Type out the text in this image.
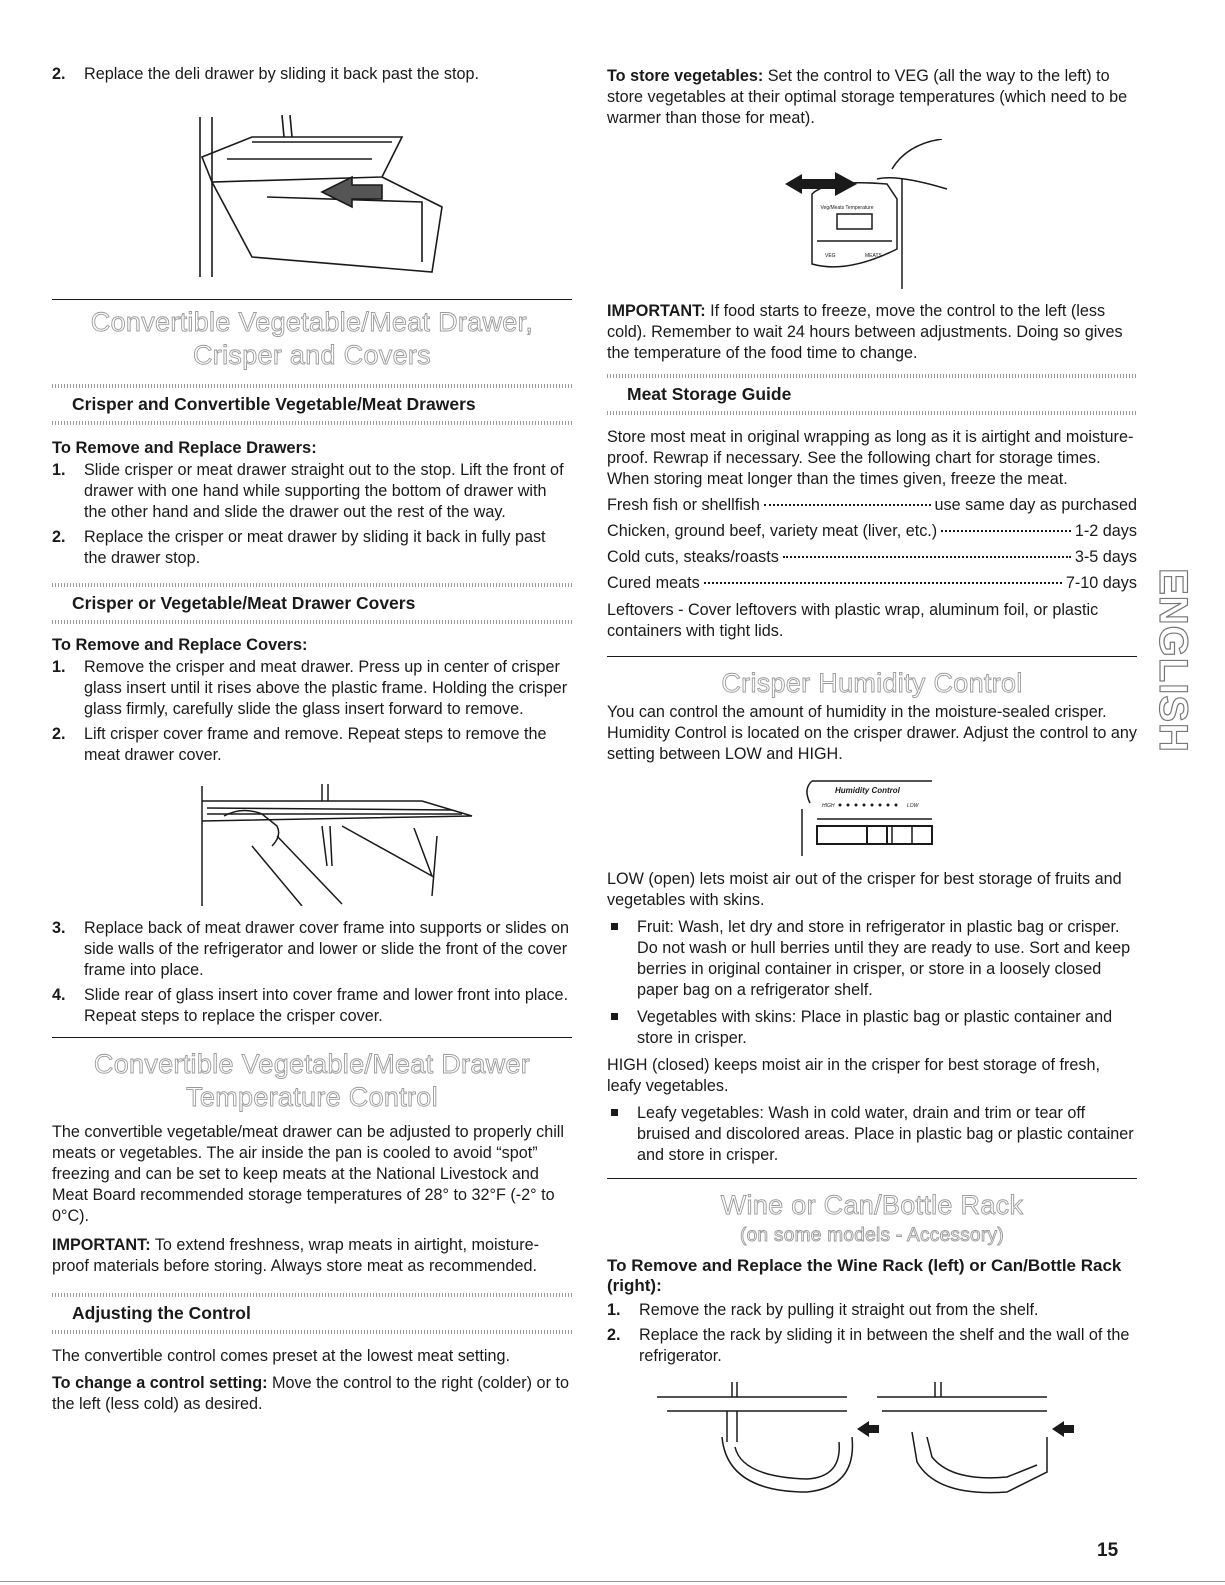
2. Replace the deli drawer by sliding it back past the stop.
Convertible Vegetable/Meat Drawer,
Crisper and Covers
Crisper and Convertible Vegetable/Meat Drawers
To Remove and Replace Drawers:
1. Slide crisper or meat drawer straight out to the stop. Lift the front of drawer with one hand while supporting the bottom of drawer with the other hand and slide the drawer out the rest of the way.
2. Replace the crisper or meat drawer by sliding it back in fully past the drawer stop.
Crisper or Vegetable/Meat Drawer Covers
To Remove and Replace Covers:
1. Remove the crisper and meat drawer. Press up in center of crisper glass insert until it rises above the plastic frame. Holding the crisper glass firmly, carefully slide the glass insert forward to remove.
2. Lift crisper cover frame and remove. Repeat steps to remove the meat drawer cover.
3. Replace back of meat drawer cover frame into supports or slides on side walls of the refrigerator and lower or slide the front of the cover frame into place.
4. Slide rear of glass insert into cover frame and lower front into place. Repeat steps to replace the crisper cover.
Convertible Vegetable/Meat Drawer
Temperature Control

The convertible vegetable/meat drawer can be adjusted to properly chill meats or vegetables. The air inside the pan is cooled to avoid “spot” freezing and can be set to keep meats at the National Livestock and Meat Board recommended storage temperatures of 28° to 32°F (-2° to 0°C).

IMPORTANT: To extend freshness, wrap meats in airtight, moisture-proof materials before storing. Always store meat as recommended.

Adjusting the Control

The convertible control comes preset at the lowest meat setting.

To change a control setting: Move the control to the right (colder) or to the left (less cold) as desired.

To store vegetables: Set the control to VEG (all the way to the left) to store vegetables at their optimal storage temperatures (which need to be warmer than those for meat).

Veg/Meats Temperature
VEG	MEATS

IMPORTANT: If food starts to freeze, move the control to the left (less cold). Remember to wait 24 hours between adjustments. Doing so gives the temperature of the food time to change.

Meat Storage Guide

Store most meat in original wrapping as long as it is airtight and moisture-proof. Rewrap if necessary. See the following chart for storage times. When storing meat longer than the times given, freeze the meat.

Fresh fish or shellfish	use same day as purchased
Chicken, ground beef, variety meat (liver, etc.)	1-2 days
Cold cuts, steaks/roasts	3-5 days
Cured meats	7-10 days

Leftovers - Cover leftovers with plastic wrap, aluminum foil, or plastic containers with tight lids.

Crisper Humidity Control

You can control the amount of humidity in the moisture-sealed crisper. Humidity Control is located on the crisper drawer. Adjust the control to any setting between LOW and HIGH.

Humidity Control
HIGH	LOW

LOW (open) lets moist air out of the crisper for best storage of fruits and vegetables with skins.

Fruit: Wash, let dry and store in refrigerator in plastic bag or crisper. Do not wash or hull berries until they are ready to use. Sort and keep berries in original container in crisper, or store in a loosely closed paper bag on a refrigerator shelf.
Vegetables with skins: Place in plastic bag or plastic container and store in crisper.

HIGH (closed) keeps moist air in the crisper for best storage of fresh, leafy vegetables.

Leafy vegetables: Wash in cold water, drain and trim or tear off bruised and discolored areas. Place in plastic bag or plastic container and store in crisper.
Wine or Can/Bottle Rack
(on some models - Accessory)
To Remove and Replace the Wine Rack (left) or Can/Bottle Rack (right):
1. Remove the rack by pulling it straight out from the shelf.
2. Replace the rack by sliding it in between the shelf and the wall of the refrigerator.
ENGLISH
15
